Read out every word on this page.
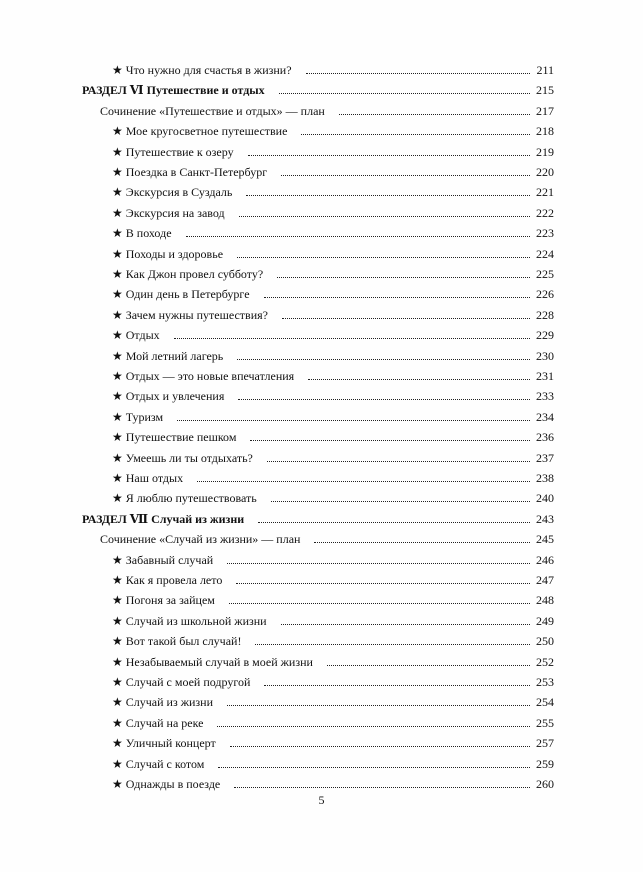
★ Что нужно для счастья в жизни?	211
РАЗДЕЛ Ⅵ Путешествие и отдых	215
Сочинение «Путешествие и отдых» — план	217
★ Мое кругосветное путешествие	218
★ Путешествие к озеру	219
★ Поездка в Санкт-Петербург	220
★ Экскурсия в Суздаль	221
★ Экскурсия на завод	222
★ В походе	223
★ Походы и здоровье	224
★ Как Джон провел субботу?	225
★ Один день в Петербурге	226
★ Зачем нужны путешествия?	228
★ Отдых	229
★ Мой летний лагерь	230
★ Отдых — это новые впечатления	231
★ Отдых и увлечения	233
★ Туризм	234
★ Путешествие пешком	236
★ Умеешь ли ты отдыхать?	237
★ Наш отдых	238
★ Я люблю путешествовать	240
РАЗДЕЛ Ⅶ Случай из жизни	243
Сочинение «Случай из жизни» — план	245
★ Забавный случай	246
★ Как я провела лето	247
★ Погоня за зайцем	248
★ Случай из школьной жизни	249
★ Вот такой был случай!	250
★ Незабываемый случай в моей жизни	252
★ Случай с моей подругой	253
★ Случай из жизни	254
★ Случай на реке	255
★ Уличный концерт	257
★ Случай с котом	259
★ Однажды в поезде	260
5
